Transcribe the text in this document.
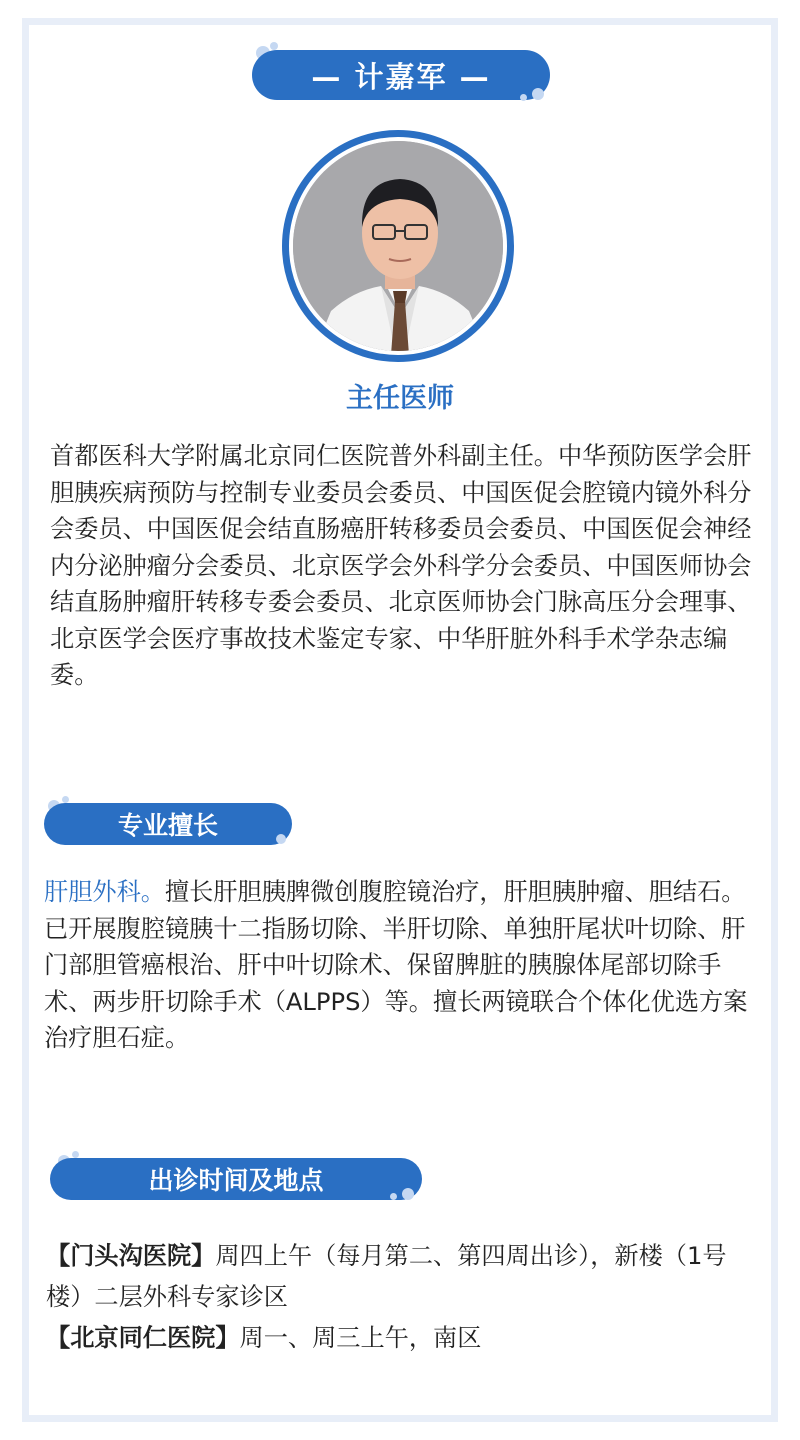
— 计嘉军 —
主任医师
首都医科大学附属北京同仁医院普外科副主任。中华预防医学会肝胆胰疾病预防与控制专业委员会委员、中国医促会腔镜内镜外科分会委员、中国医促会结直肠癌肝转移委员会委员、中国医促会神经内分泌肿瘤分会委员、北京医学会外科学分会委员、中国医师协会结直肠肿瘤肝转移专委会委员、北京医师协会门脉高压分会理事、北京医学会医疗事故技术鉴定专家、中华肝脏外科手术学杂志编委。
专业擅长
肝胆外科。擅长肝胆胰脾微创腹腔镜治疗，肝胆胰肿瘤、胆结石。已开展腹腔镜胰十二指肠切除、半肝切除、单独肝尾状叶切除、肝门部胆管癌根治、肝中叶切除术、保留脾脏的胰腺体尾部切除手术、两步肝切除手术（ALPPS）等。擅长两镜联合个体化优选方案治疗胆石症。
出诊时间及地点
【门头沟医院】周四上午（每月第二、第四周出诊），新楼（1号楼）二层外科专家诊区
【北京同仁医院】周一、周三上午，南区
